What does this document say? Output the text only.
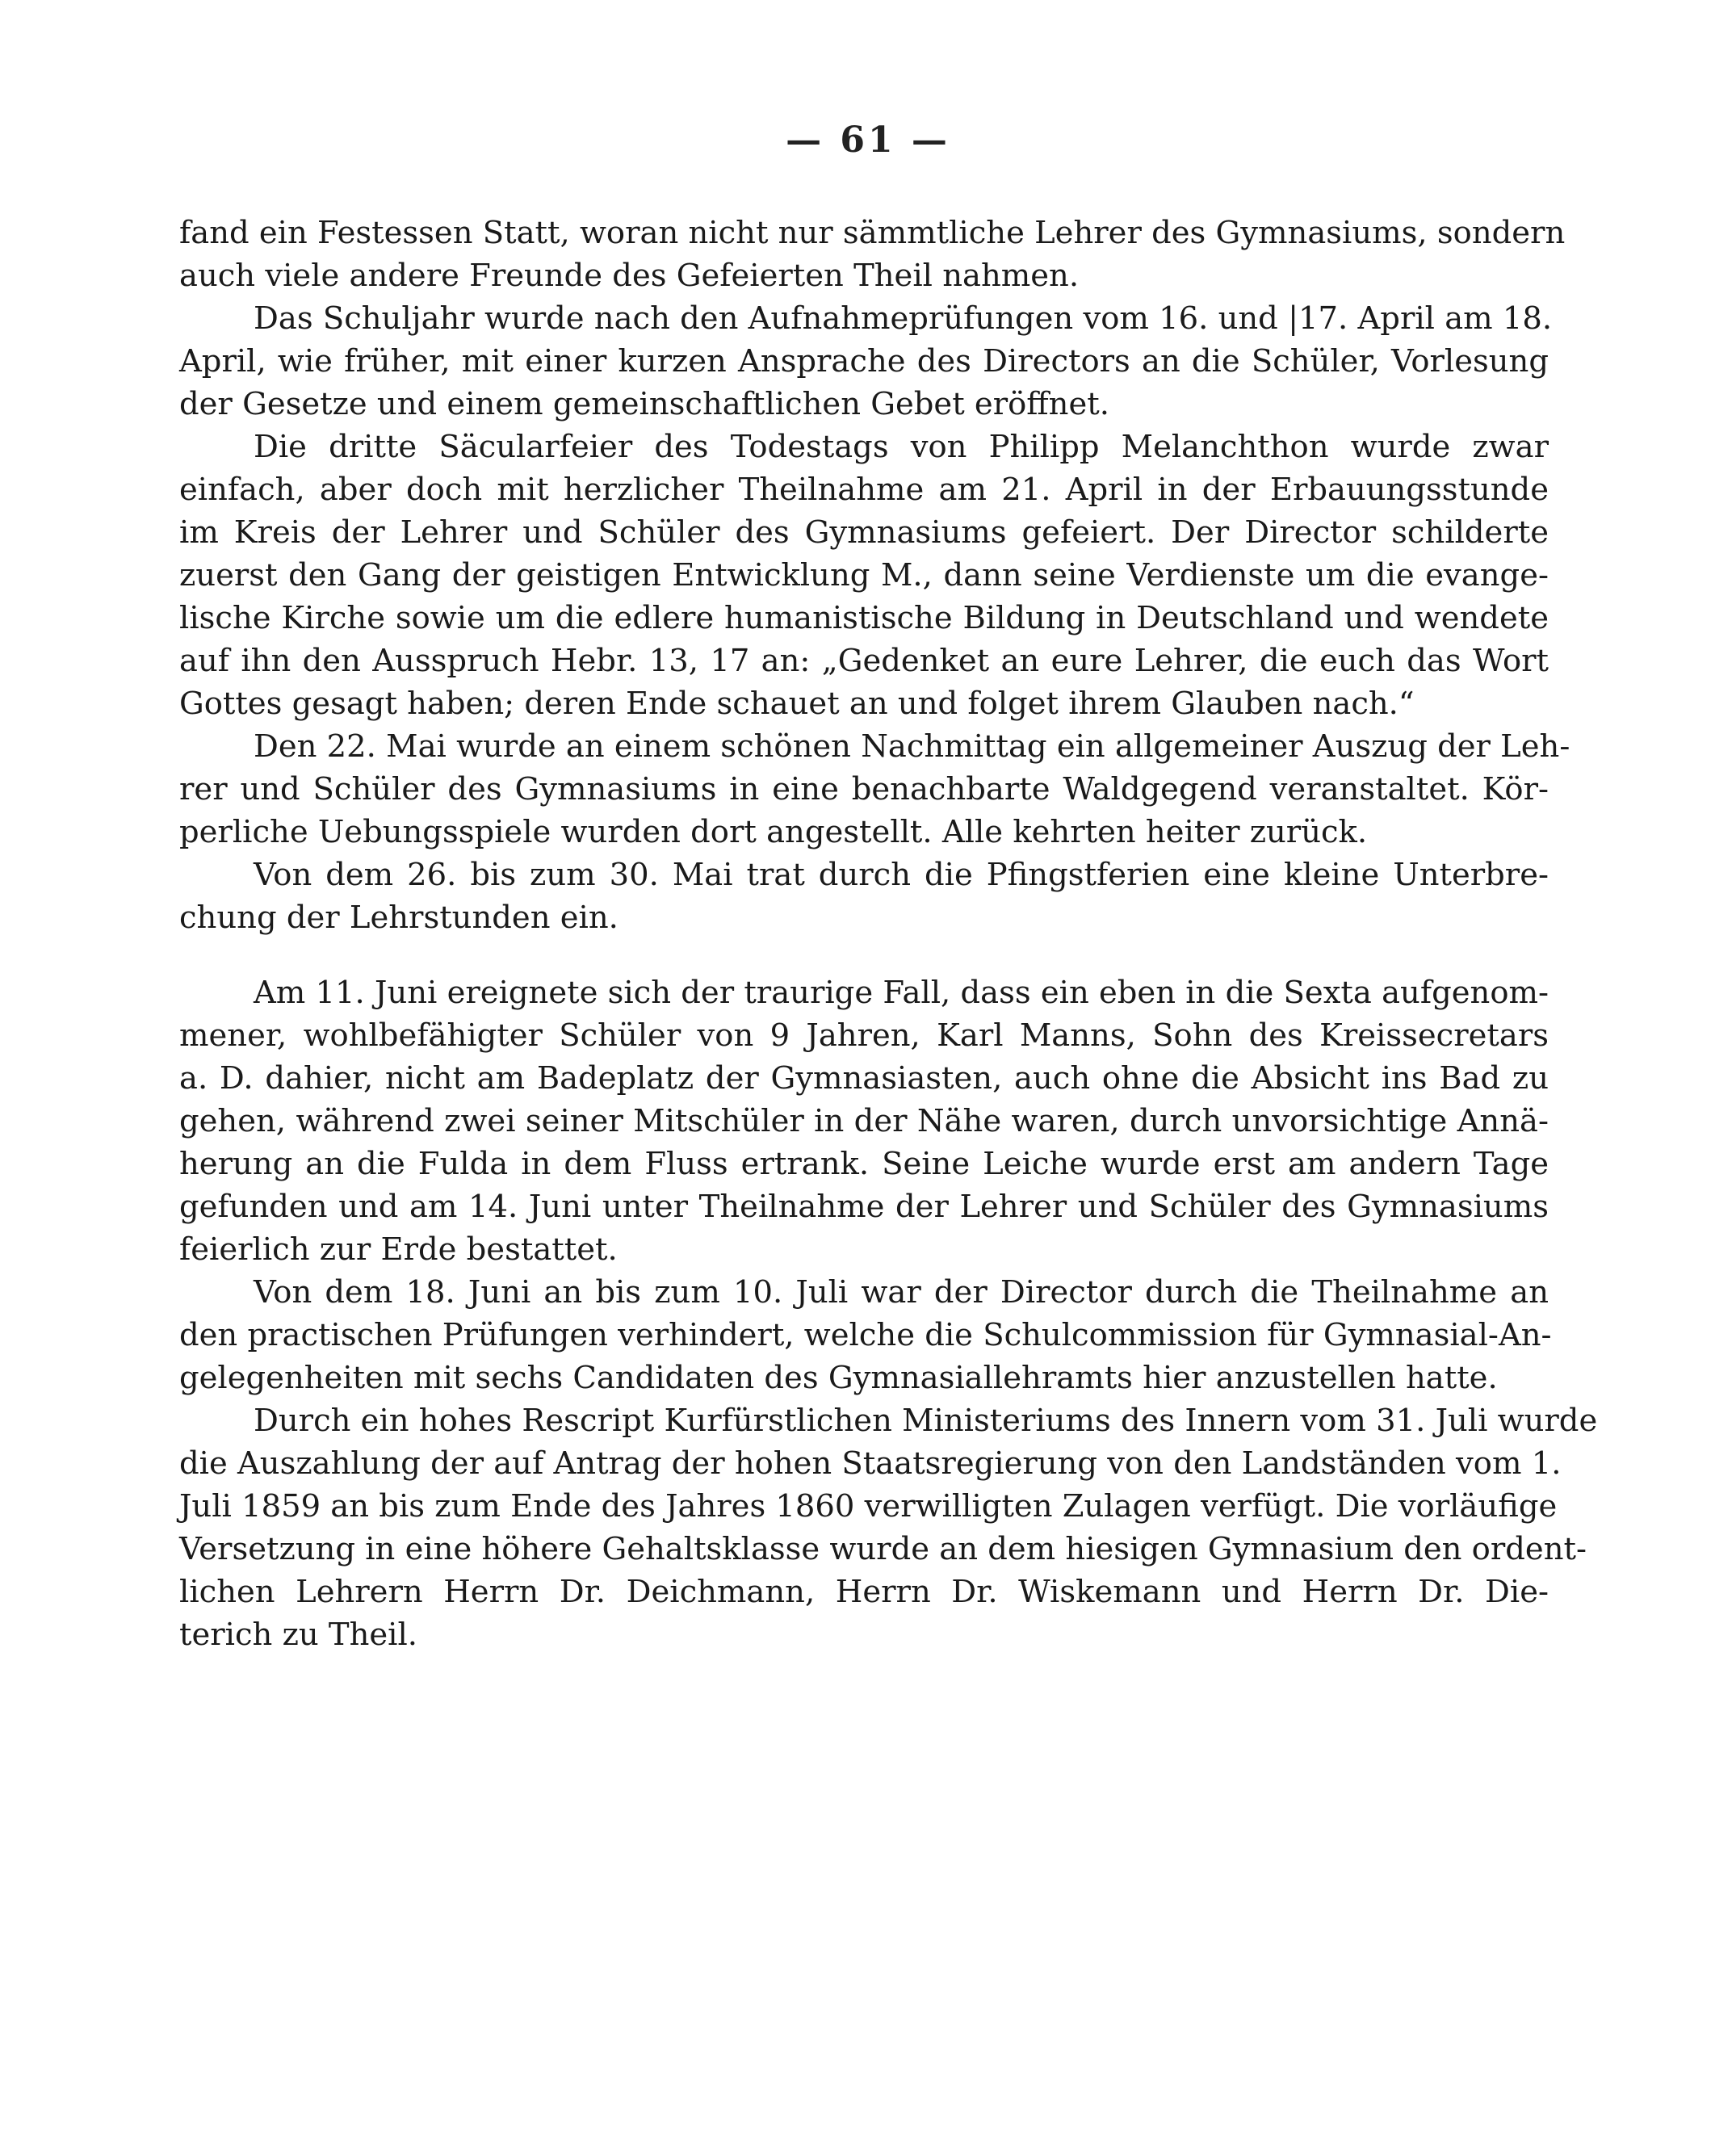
— 61 —
fand ein Festessen Statt, woran nicht nur sämmtliche Lehrer des Gymnasiums, sondern
auch viele andere Freunde des Gefeierten Theil nahmen.
Das Schuljahr wurde nach den Aufnahmeprüfungen vom 16. und |17. April am 18.
April, wie früher, mit einer kurzen Ansprache des Directors an die Schüler, Vorlesung
der Gesetze und einem gemeinschaftlichen Gebet eröffnet.
Die dritte Säcularfeier des Todestags von Philipp Melanchthon wurde zwar
einfach, aber doch mit herzlicher Theilnahme am 21. April in der Erbauungsstunde
im Kreis der Lehrer und Schüler des Gymnasiums gefeiert. Der Director schilderte
zuerst den Gang der geistigen Entwicklung M., dann seine Verdienste um die evange-
lische Kirche sowie um die edlere humanistische Bildung in Deutschland und wendete
auf ihn den Ausspruch Hebr. 13, 17 an: „Gedenket an eure Lehrer, die euch das Wort
Gottes gesagt haben; deren Ende schauet an und folget ihrem Glauben nach.“
Den 22. Mai wurde an einem schönen Nachmittag ein allgemeiner Auszug der Leh-
rer und Schüler des Gymnasiums in eine benachbarte Waldgegend veranstaltet. Kör-
perliche Uebungsspiele wurden dort angestellt. Alle kehrten heiter zurück.
Von dem 26. bis zum 30. Mai trat durch die Pfingstferien eine kleine Unterbre-
chung der Lehrstunden ein.
Am 11. Juni ereignete sich der traurige Fall, dass ein eben in die Sexta aufgenom-
mener, wohlbefähigter Schüler von 9 Jahren, Karl Manns, Sohn des Kreissecretars
a. D. dahier, nicht am Badeplatz der Gymnasiasten, auch ohne die Absicht ins Bad zu
gehen, während zwei seiner Mitschüler in der Nähe waren, durch unvorsichtige Annä-
herung an die Fulda in dem Fluss ertrank. Seine Leiche wurde erst am andern Tage
gefunden und am 14. Juni unter Theilnahme der Lehrer und Schüler des Gymnasiums
feierlich zur Erde bestattet.
Von dem 18. Juni an bis zum 10. Juli war der Director durch die Theilnahme an
den practischen Prüfungen verhindert, welche die Schulcommission für Gymnasial-An-
gelegenheiten mit sechs Candidaten des Gymnasiallehramts hier anzustellen hatte.
Durch ein hohes Rescript Kurfürstlichen Ministeriums des Innern vom 31. Juli wurde
die Auszahlung der auf Antrag der hohen Staatsregierung von den Landständen vom 1.
Juli 1859 an bis zum Ende des Jahres 1860 verwilligten Zulagen verfügt. Die vorläufige
Versetzung in eine höhere Gehaltsklasse wurde an dem hiesigen Gymnasium den ordent-
lichen Lehrern Herrn Dr. Deichmann, Herrn Dr. Wiskemann und Herrn Dr. Die-
terich zu Theil.
